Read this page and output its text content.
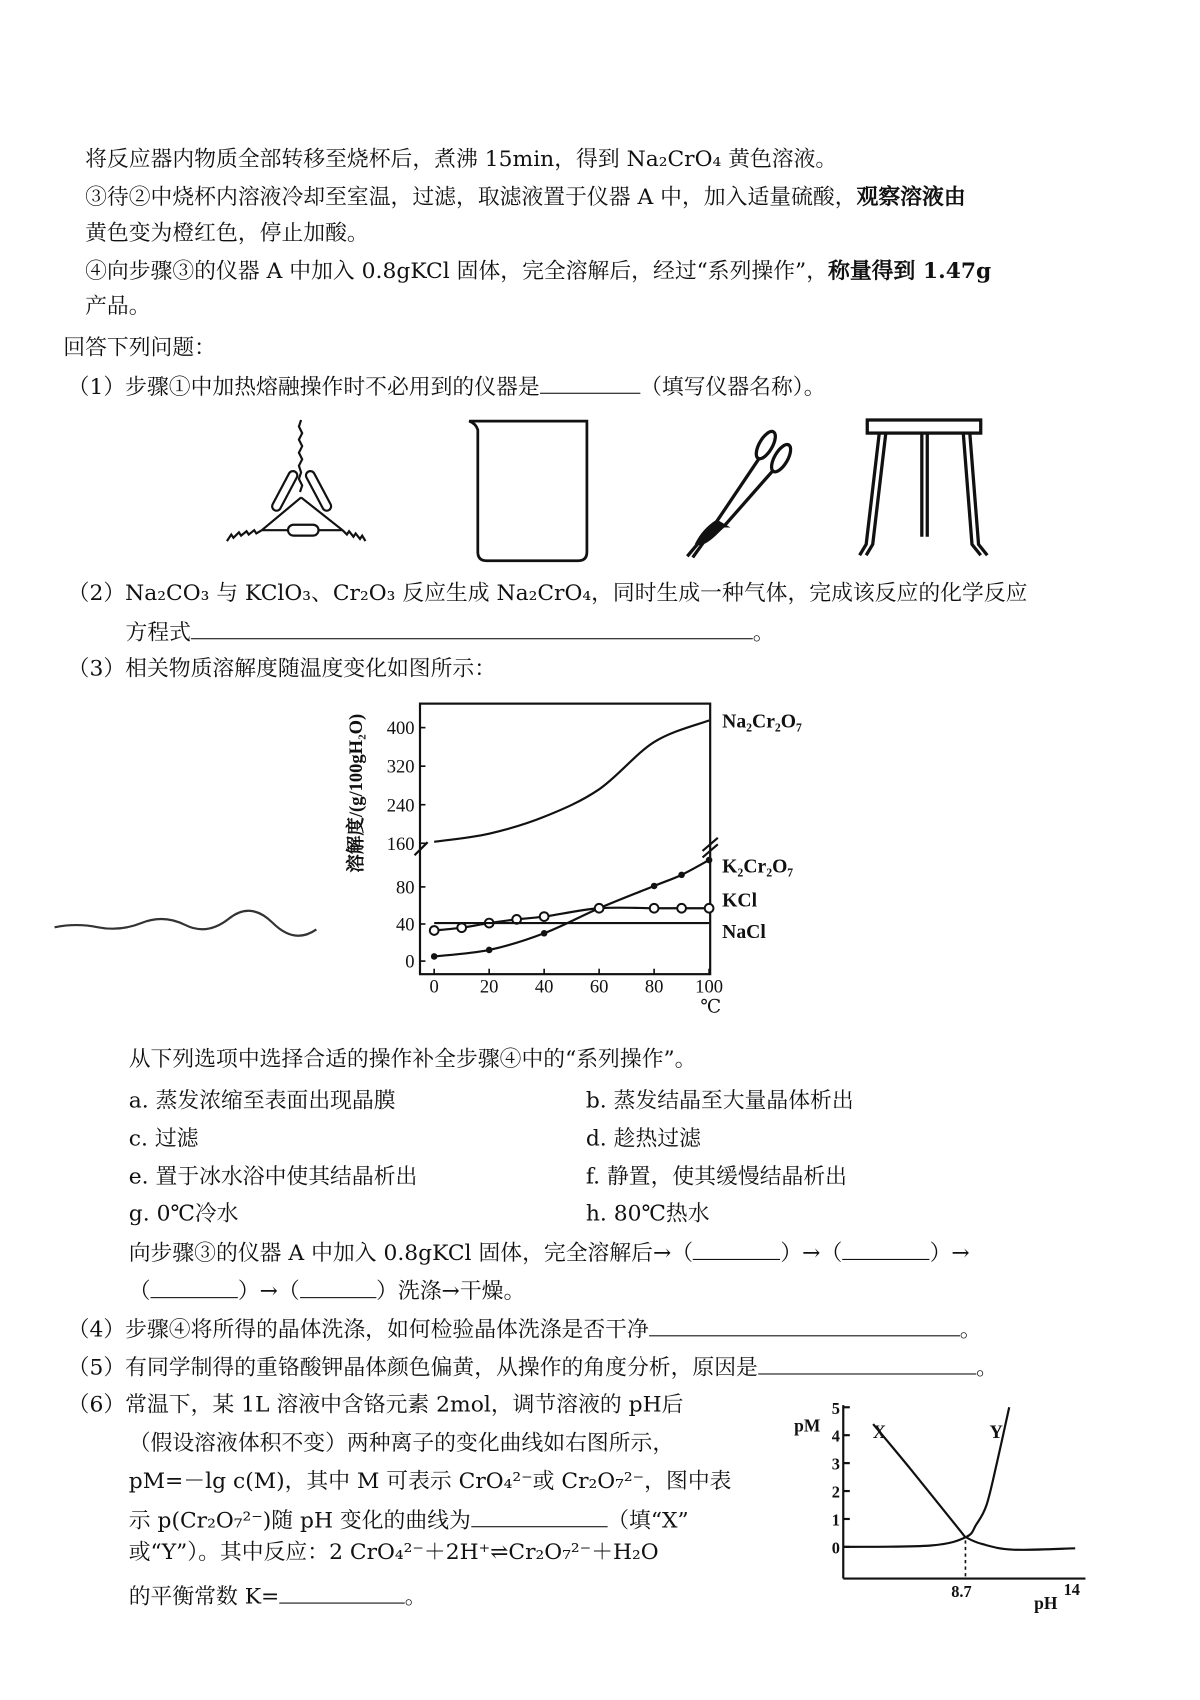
将反应器内物质全部转移至烧杯后，煮沸 15min，得到 Na₂CrO₄ 黄色溶液。
③待②中烧杯内溶液冷却至室温，过滤，取滤液置于仪器 A 中，加入适量硫酸，观察溶液由
黄色变为橙红色，停止加酸。
④向步骤③的仪器 A 中加入 0.8gKCl 固体，完全溶解后，经过“系列操作”，称量得到 1.47g
产品。
回答下列问题：
（1）步骤①中加热熔融操作时不必用到的仪器是	（填写仪器名称）。
（2）Na₂CO₃ 与 KClO₃、Cr₂O₃ 反应生成 Na₂CrO₄，同时生成一种气体，完成该反应的化学反应
方程式	。
（3）相关物质溶解度随温度变化如图所示：
溶解度/(g/100gH₂O)
℃
0
40
80
160
240
320
400
0 20 40 60 80 100
Na₂Cr₂O₇
K₂Cr₂O₇
KCl
NaCl
从下列选项中选择合适的操作补全步骤④中的“系列操作”。
a. 蒸发浓缩至表面出现晶膜	b. 蒸发结晶至大量晶体析出
c. 过滤	d. 趁热过滤
e. 置于冰水浴中使其结晶析出	f. 静置，使其缓慢结晶析出
g. 0℃冷水	h. 80℃热水
向步骤③的仪器 A 中加入 0.8gKCl 固体，完全溶解后→（	）→（	）→
（	）→（	）洗涤→干燥。
（4）步骤④将所得的晶体洗涤，如何检验晶体洗涤是否干净	。
（5）有同学制得的重铬酸钾晶体颜色偏黄，从操作的角度分析，原因是	。
（6）常温下，某 1L 溶液中含铬元素 2mol，调节溶液的 pH后
（假设溶液体积不变）两种离子的变化曲线如右图所示，
pM=－lg c(M)，其中 M 可表示 CrO₄²⁻或 Cr₂O₇²⁻，图中表
示 p(Cr₂O₇²⁻)随 pH 变化的曲线为	（填“X”
或“Y”）。其中反应：2 CrO₄²⁻＋2H⁺⇌Cr₂O₇²⁻＋H₂O
的平衡常数 K=	。
pM
pH
8.7	14
0
1
2
3
4
5
X	Y
